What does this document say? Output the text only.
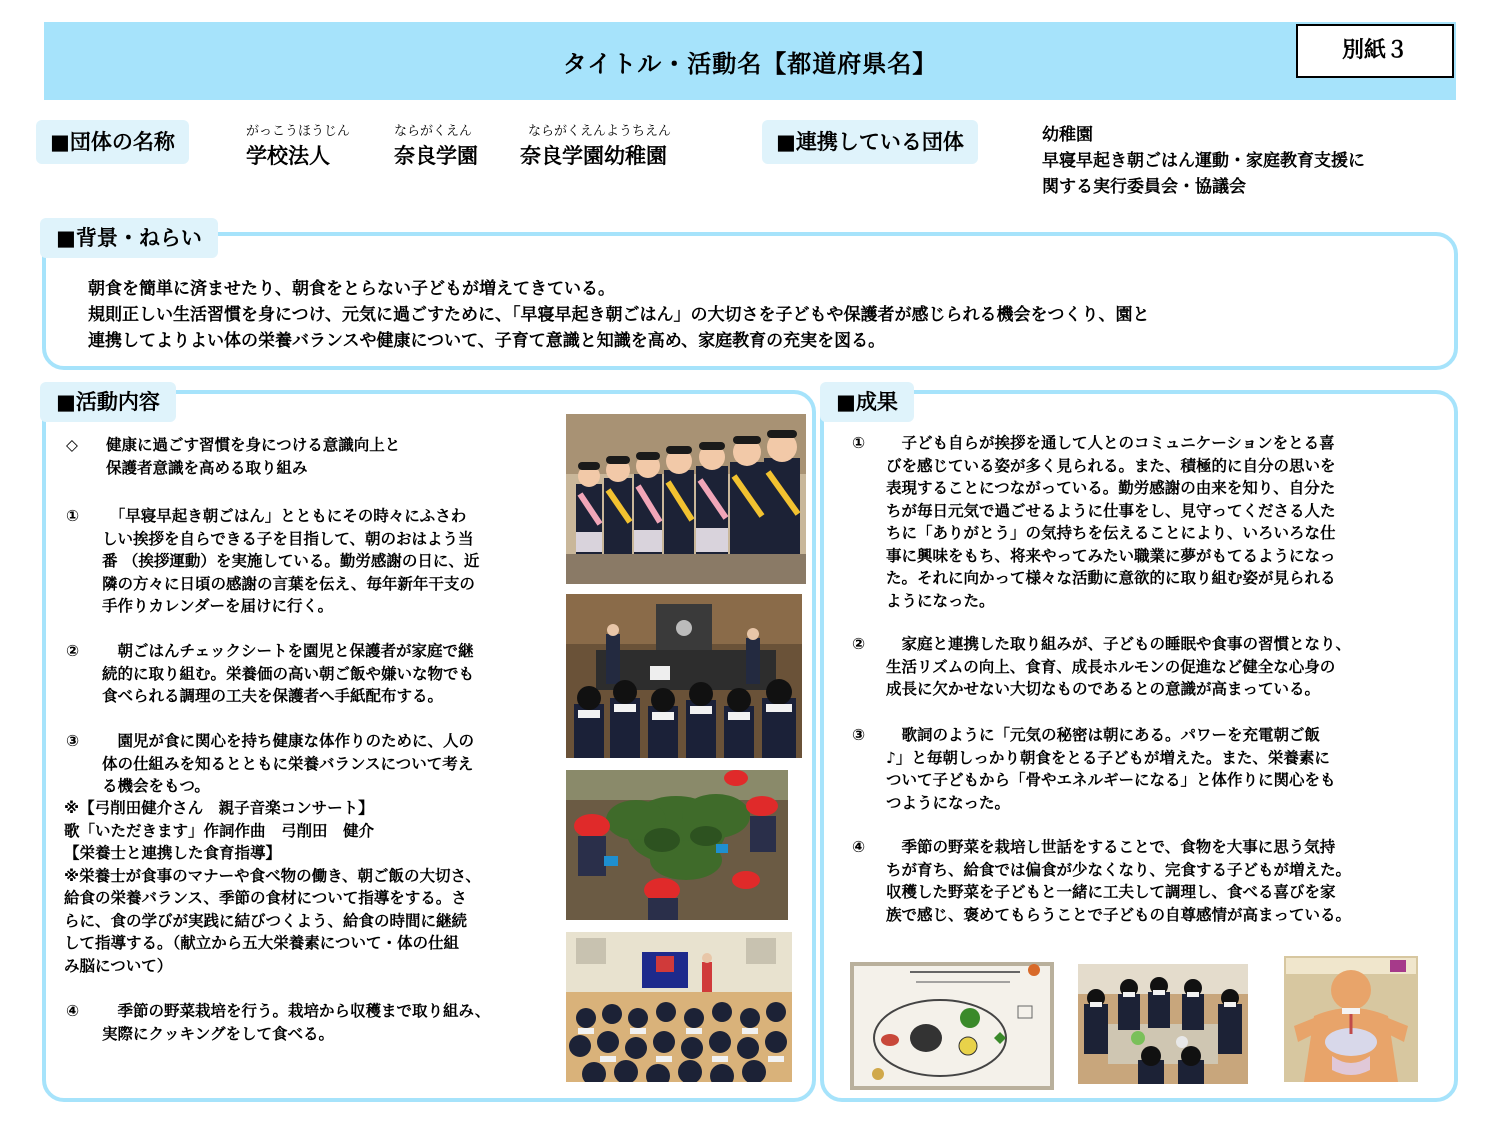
タイトル・活動名【都道府県名】	別紙３
■団体の名称	がっこうほうじん
学校法人
ならがくえん
奈良学園
ならがくえんようちえん
奈良学園幼稚園
■連携している団体	幼稚園
早寝早起き朝ごはん運動・家庭教育支援に
関する実行委員会・協議会
■背景・ねらい
朝食を簡単に済ませたり、朝食をとらない子どもが増えてきている。
規則正しい生活習慣を身につけ、元気に過ごすために、「早寝早起き朝ごはん」の大切さを子どもや保護者が感じられる機会をつくり、園と
連携してよりよい体の栄養バランスや健康について、子育て意識と知識を高め、家庭教育の充実を図る。
■活動内容
◇	健康に過ごす習慣を身につける意識向上と
保護者意識を高める取り組み
①	　「早寝早起き朝ごはん」とともにその時々にふさわ
しい挨拶を自らできる子を目指して、朝のおはよう当
番 （挨拶運動）を実施している。勤労感謝の日に、近
隣の方々に日頃の感謝の言葉を伝え、毎年新年干支の
手作りカレンダーを届けに行く。
②	　朝ごはんチェックシートを園児と保護者が家庭で継
続的に取り組む。栄養価の高い朝ご飯や嫌いな物でも
食べられる調理の工夫を保護者へ手紙配布する。
③	　園児が食に関心を持ち健康な体作りのために、人の
体の仕組みを知るとともに栄養バランスについて考え
る機会をもつ。
※【弓削田健介さん　親子音楽コンサート】
歌「いただきます」作詞作曲　弓削田　健介
【栄養士と連携した食育指導】
※栄養士が食事のマナーや食べ物の働き、朝ご飯の大切さ、
給食の栄養バランス、季節の食材について指導をする。さ
らに、食の学びが実践に結びつくよう、給食の時間に継続
して指導する。（献立から五大栄養素について・体の仕組
み脳について）
④	　季節の野菜栽培を行う。栽培から収穫まで取り組み、
実際にクッキングをして食べる。
■成果
①	　子ども自らが挨拶を通して人とのコミュニケーションをとる喜
びを感じている姿が多く見られる。また、積極的に自分の思いを
表現することにつながっている。勤労感謝の由来を知り、自分た
ちが毎日元気で過ごせるように仕事をし、見守ってくださる人た
ちに「ありがとう」の気持ちを伝えることにより、いろいろな仕
事に興味をもち、将来やってみたい職業に夢がもてるようになっ
た。それに向かって様々な活動に意欲的に取り組む姿が見られる
ようになった。
②	　家庭と連携した取り組みが、子どもの睡眠や食事の習慣となり、
生活リズムの向上、食育、成長ホルモンの促進など健全な心身の
成長に欠かせない大切なものであるとの意識が高まっている。
③	　歌詞のように「元気の秘密は朝にある。パワーを充電朝ご飯
♪」と毎朝しっかり朝食をとる子どもが増えた。また、栄養素に
ついて子どもから「骨やエネルギーになる」と体作りに関心をも
つようになった。
④	　季節の野菜を栽培し世話をすることで、食物を大事に思う気持
ちが育ち、給食では偏食が少なくなり、完食する子どもが増えた。
収穫した野菜を子どもと一緒に工夫して調理し、食べる喜びを家
族で感じ、褒めてもらうことで子どもの自尊感情が高まっている。
